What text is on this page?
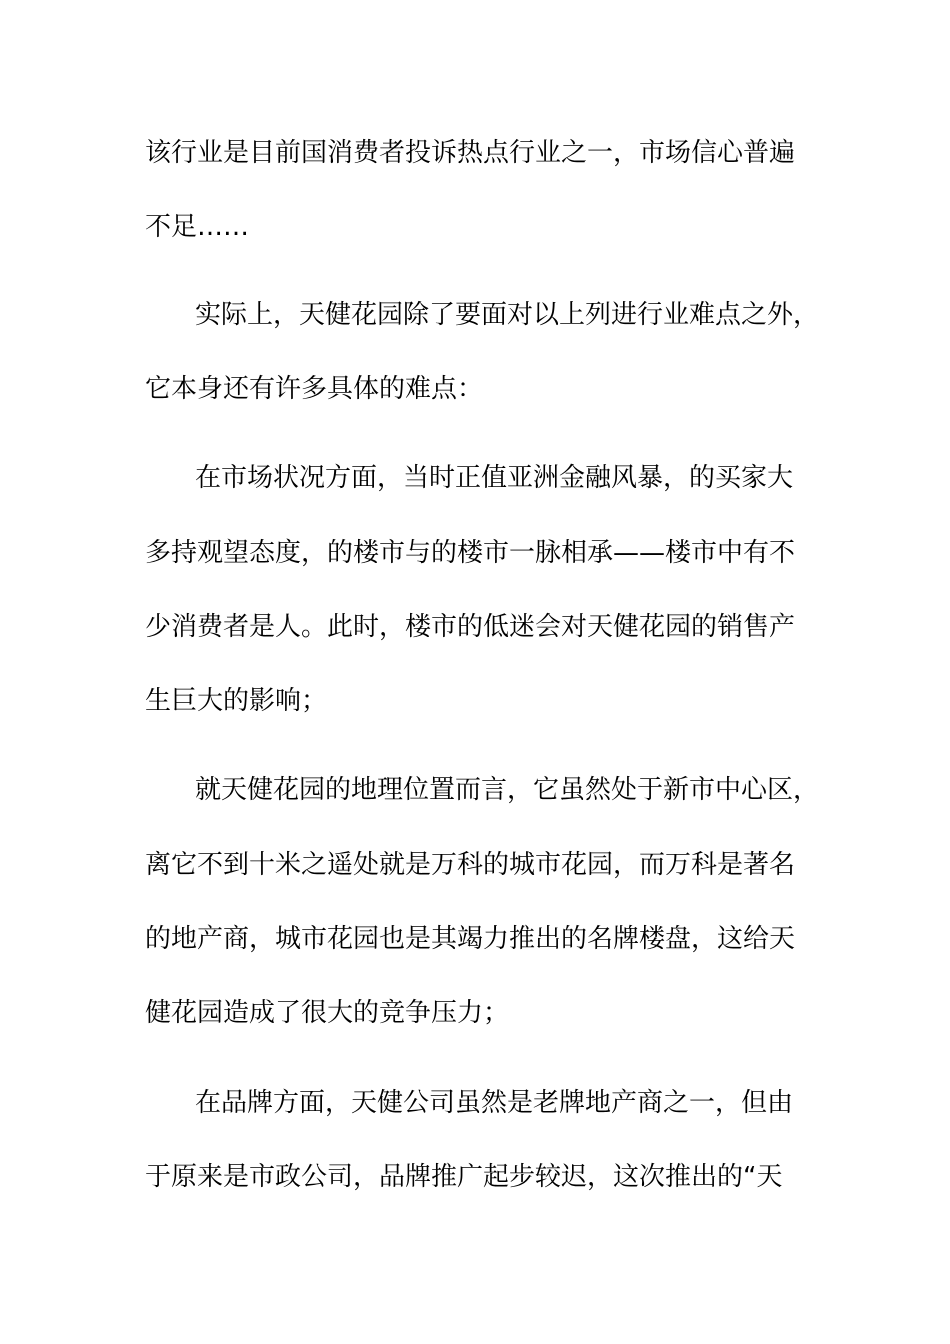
该行业是目前国消费者投诉热点行业之一，市场信心普遍
不足……
实际上，天健花园除了要面对以上列进行业难点之外，
它本身还有许多具体的难点：
在市场状况方面，当时正值亚洲金融风暴，的买家大
多持观望态度，的楼市与的楼市一脉相承——楼市中有不
少消费者是人。此时，楼市的低迷会对天健花园的销售产
生巨大的影响；
就天健花园的地理位置而言，它虽然处于新市中心区，
离它不到十米之遥处就是万科的城市花园，而万科是著名
的地产商，城市花园也是其竭力推出的名牌楼盘，这给天
健花园造成了很大的竞争压力；
在品牌方面，天健公司虽然是老牌地产商之一，但由
于原来是市政公司，品牌推广起步较迟，这次推出的“天
